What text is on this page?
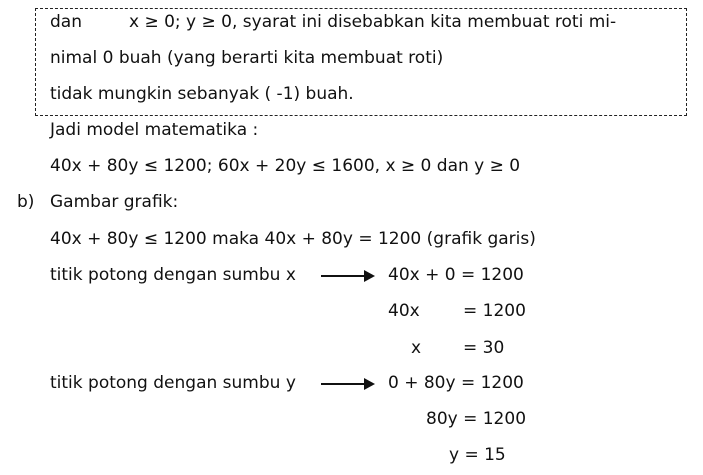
dan	x ≥ 0; y ≥ 0, syarat ini disebabkan kita membuat roti mi-
nimal 0 buah (yang berarti kita membuat roti)
tidak mungkin sebanyak ( -1) buah.
Jadi model matematika :
40x + 80y ≤ 1200; 60x + 20y ≤ 1600, x ≥ 0 dan y ≥ 0
b) Gambar grafik:
40x + 80y ≤ 1200 maka 40x + 80y = 1200 (grafik garis)
titik potong dengan sumbu x	40x + 0 = 1200
40x	= 1200
x = 30
titik potong dengan sumbu y	0 + 80y = 1200
80y = 1200
y = 15
